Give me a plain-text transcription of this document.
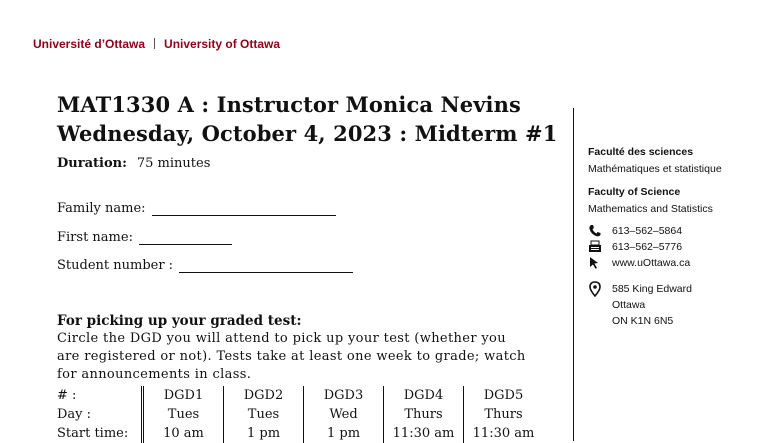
Université d’Ottawa University of Ottawa
MAT1330 A : Instructor Monica Nevins
Wednesday, October 4, 2023 : Midterm #1
Duration: 75 minutes
Family name:
First name:
Student number :
For picking up your graded test:
Circle the DGD you will attend to pick up your test (whether you are registered or not). Tests take at least one week to grade; watch for announcements in class.
# :	DGD1	DGD2	DGD3	DGD4	DGD5
Day :	Tues	Tues	Wed	Thurs	Thurs
Start time:	10 am	1 pm	1 pm	11:30 am	11:30 am
Faculté des sciences
Mathématiques et statistique
Faculty of Science
Mathematics and Statistics
613–562–5864
613–562–5776
www.uOttawa.ca
585 King Edward
Ottawa
ON K1N 6N5
